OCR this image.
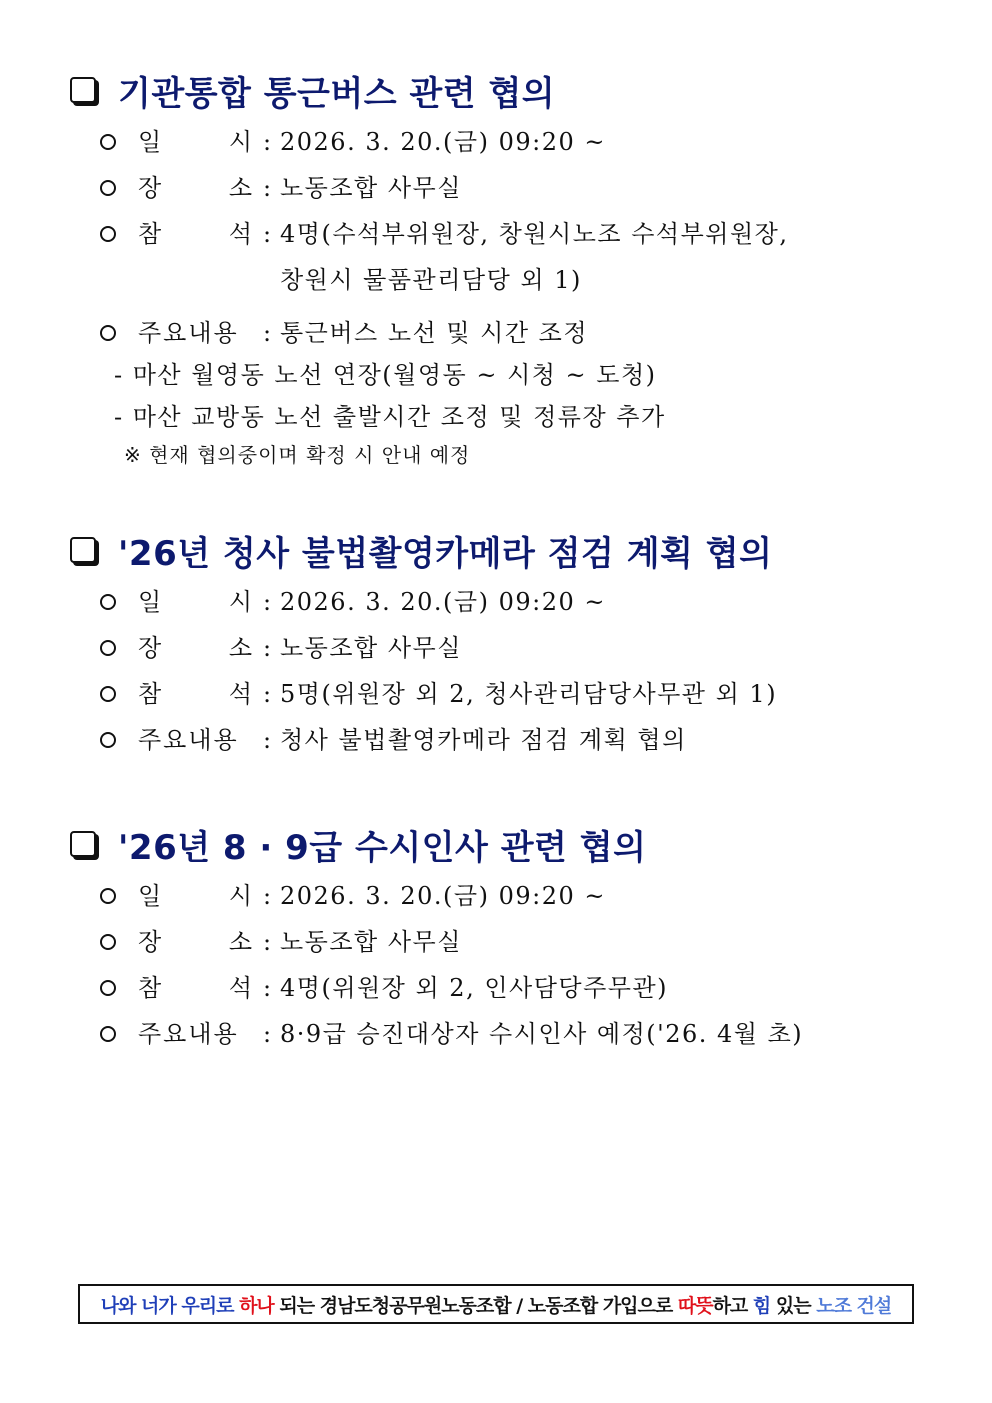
기관통합 통근버스 관련 협의
일	시 : 2026. 3. 20.(금) 09:20 ~
장	소 : 노동조합 사무실
참	석 : 4명(수석부위원장, 창원시노조 수석부위원장,
창원시 물품관리담당 외 1)
주요내용	: 통근버스 노선 및 시간 조정
- 마산 월영동 노선 연장(월영동 ~ 시청 ~ 도청)
- 마산 교방동 노선 출발시간 조정 및 정류장 추가
※ 현재 협의중이며 확정 시 안내 예정
'26년 청사 불법촬영카메라 점검 계획 협의
일	시 : 2026. 3. 20.(금) 09:20 ~
장	소 : 노동조합 사무실
참	석 : 5명(위원장 외 2, 청사관리담당사무관 외 1)
주요내용	: 청사 불법촬영카메라 점검 계획 협의
'26년 8 · 9급 수시인사 관련 협의
일	시 : 2026. 3. 20.(금) 09:20 ~
장	소 : 노동조합 사무실
참	석 : 4명(위원장 외 2, 인사담당주무관)
주요내용	: 8·9급 승진대상자 수시인사 예정('26. 4월 초)
나와 너가 우리로 하나 되는 경남도청공무원노동조합 / 노동조합 가입으로 따뜻 하고 힘 있는 노조 건설
